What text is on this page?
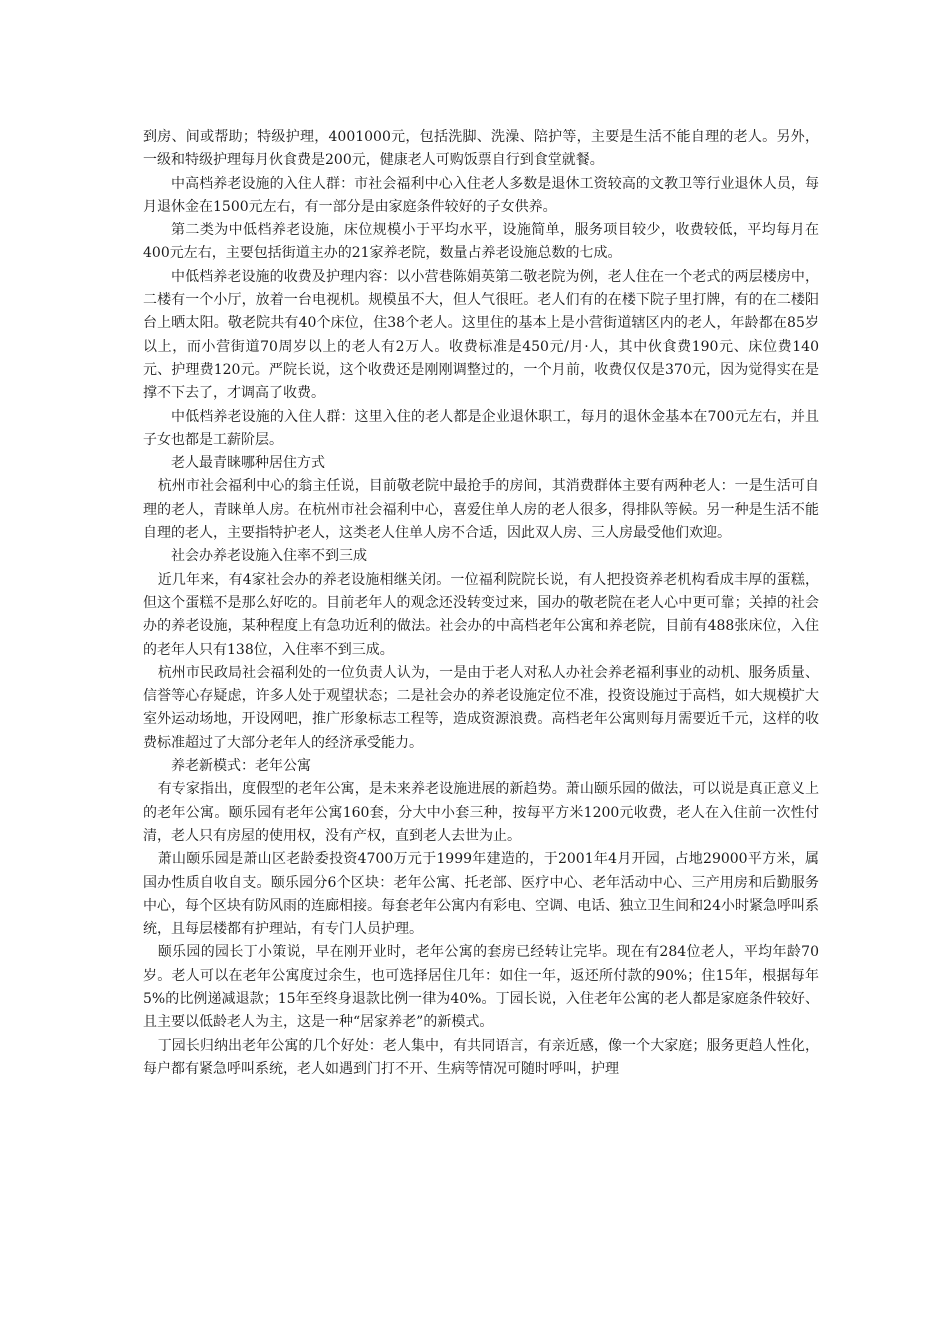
到房、间或帮助；特级护理，4001000元，包括洗脚、洗澡、陪护等，主要是生活不能自理的老人。另外，一级和特级护理每月伙食费是200元，健康老人可购饭票自行到食堂就餐。

中高档养老设施的入住人群：市社会福利中心入住老人多数是退休工资较高的文教卫等行业退休人员，每月退休金在1500元左右，有一部分是由家庭条件较好的子女供养。

第二类为中低档养老设施，床位规模小于平均水平，设施简单，服务项目较少，收费较低，平均每月在400元左右，主要包括街道主办的21家养老院，数量占养老设施总数的七成。

中低档养老设施的收费及护理内容：以小营巷陈娟英第二敬老院为例，老人住在一个老式的两层楼房中，二楼有一个小厅，放着一台电视机。规模虽不大，但人气很旺。老人们有的在楼下院子里打牌，有的在二楼阳台上晒太阳。敬老院共有40个床位，住38个老人。这里住的基本上是小营街道辖区内的老人，年龄都在85岁以上，而小营街道70周岁以上的老人有2万人。收费标准是450元/月·人，其中伙食费190元、床位费140元、护理费120元。严院长说，这个收费还是刚刚调整过的，一个月前，收费仅仅是370元，因为觉得实在是撑不下去了，才调高了收费。

中低档养老设施的入住人群：这里入住的老人都是企业退休职工，每月的退休金基本在700元左右，并且子女也都是工薪阶层。

老人最青睐哪种居住方式

杭州市社会福利中心的翁主任说，目前敬老院中最抢手的房间，其消费群体主要有两种老人：一是生活可自理的老人，青睐单人房。在杭州市社会福利中心，喜爱住单人房的老人很多，得排队等候。另一种是生活不能自理的老人，主要指特护老人，这类老人住单人房不合适，因此双人房、三人房最受他们欢迎。

社会办养老设施入住率不到三成

近几年来，有4家社会办的养老设施相继关闭。一位福利院院长说，有人把投资养老机构看成丰厚的蛋糕，但这个蛋糕不是那么好吃的。目前老年人的观念还没转变过来，国办的敬老院在老人心中更可靠；关掉的社会办的养老设施，某种程度上有急功近利的做法。社会办的中高档老年公寓和养老院，目前有488张床位，入住的老年人只有138位，入住率不到三成。

杭州市民政局社会福利处的一位负责人认为，一是由于老人对私人办社会养老福利事业的动机、服务质量、信誉等心存疑虑，许多人处于观望状态；二是社会办的养老设施定位不准，投资设施过于高档，如大规模扩大室外运动场地，开设网吧，推广形象标志工程等，造成资源浪费。高档老年公寓则每月需要近千元，这样的收费标准超过了大部分老年人的经济承受能力。

养老新模式：老年公寓

有专家指出，度假型的老年公寓，是未来养老设施进展的新趋势。萧山颐乐园的做法，可以说是真正意义上的老年公寓。颐乐园有老年公寓160套，分大中小套三种，按每平方米1200元收费，老人在入住前一次性付清，老人只有房屋的使用权，没有产权，直到老人去世为止。

萧山颐乐园是萧山区老龄委投资4700万元于1999年建造的，于2001年4月开园，占地29000平方米，属国办性质自收自支。颐乐园分6个区块：老年公寓、托老部、医疗中心、老年活动中心、三产用房和后勤服务中心，每个区块有防风雨的连廊相接。每套老年公寓内有彩电、空调、电话、独立卫生间和24小时紧急呼叫系统，且每层楼都有护理站，有专门人员护理。

颐乐园的园长丁小策说，早在刚开业时，老年公寓的套房已经转让完毕。现在有284位老人，平均年龄70岁。老人可以在老年公寓度过余生，也可选择居住几年：如住一年，返还所付款的90%；住15年，根据每年5%的比例递减退款；15年至终身退款比例一律为40%。丁园长说，入住老年公寓的老人都是家庭条件较好、且主要以低龄老人为主，这是一种“居家养老”的新模式。

丁园长归纳出老年公寓的几个好处：老人集中，有共同语言，有亲近感，像一个大家庭；服务更趋人性化，每户都有紧急呼叫系统，老人如遇到门打不开、生病等情况可随时呼叫，护理
